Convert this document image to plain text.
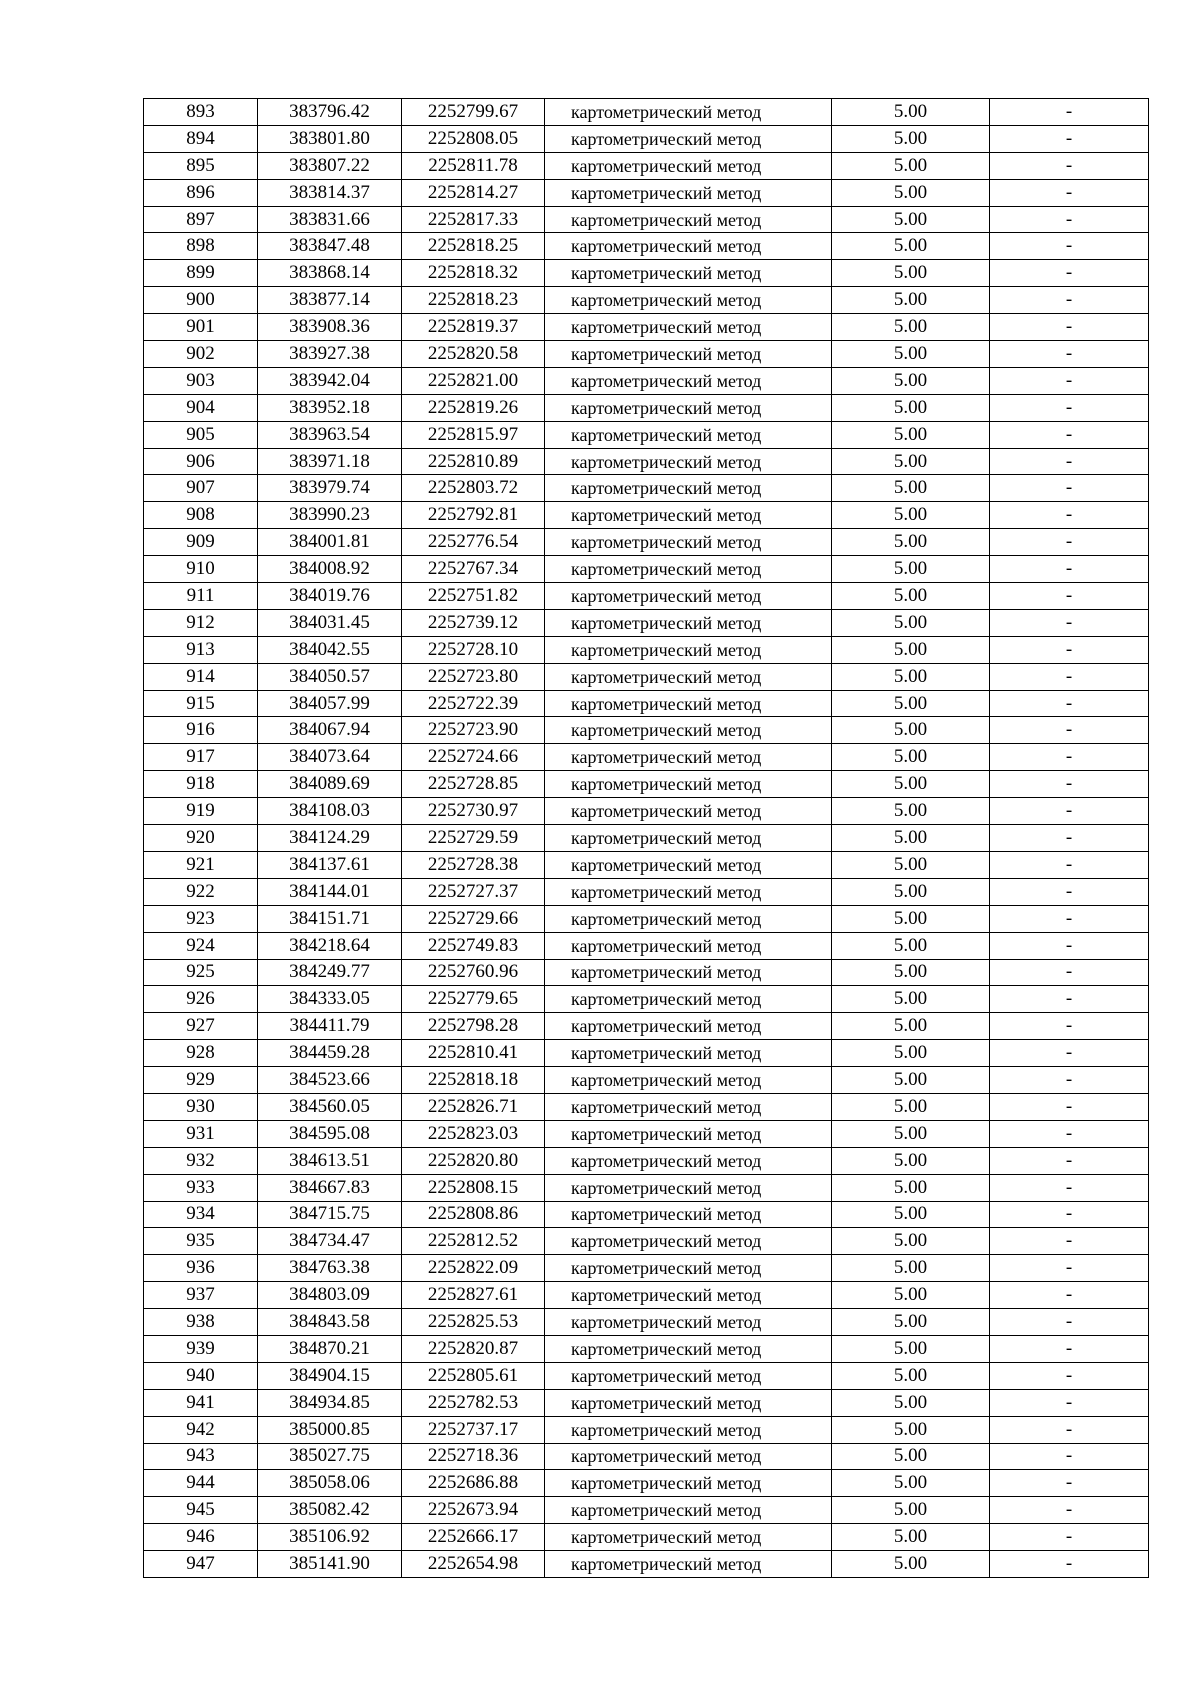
893	383796.42	2252799.67	картометрический метод	5.00	-
894	383801.80	2252808.05	картометрический метод	5.00	-
895	383807.22	2252811.78	картометрический метод	5.00	-
896	383814.37	2252814.27	картометрический метод	5.00	-
897	383831.66	2252817.33	картометрический метод	5.00	-
898	383847.48	2252818.25	картометрический метод	5.00	-
899	383868.14	2252818.32	картометрический метод	5.00	-
900	383877.14	2252818.23	картометрический метод	5.00	-
901	383908.36	2252819.37	картометрический метод	5.00	-
902	383927.38	2252820.58	картометрический метод	5.00	-
903	383942.04	2252821.00	картометрический метод	5.00	-
904	383952.18	2252819.26	картометрический метод	5.00	-
905	383963.54	2252815.97	картометрический метод	5.00	-
906	383971.18	2252810.89	картометрический метод	5.00	-
907	383979.74	2252803.72	картометрический метод	5.00	-
908	383990.23	2252792.81	картометрический метод	5.00	-
909	384001.81	2252776.54	картометрический метод	5.00	-
910	384008.92	2252767.34	картометрический метод	5.00	-
911	384019.76	2252751.82	картометрический метод	5.00	-
912	384031.45	2252739.12	картометрический метод	5.00	-
913	384042.55	2252728.10	картометрический метод	5.00	-
914	384050.57	2252723.80	картометрический метод	5.00	-
915	384057.99	2252722.39	картометрический метод	5.00	-
916	384067.94	2252723.90	картометрический метод	5.00	-
917	384073.64	2252724.66	картометрический метод	5.00	-
918	384089.69	2252728.85	картометрический метод	5.00	-
919	384108.03	2252730.97	картометрический метод	5.00	-
920	384124.29	2252729.59	картометрический метод	5.00	-
921	384137.61	2252728.38	картометрический метод	5.00	-
922	384144.01	2252727.37	картометрический метод	5.00	-
923	384151.71	2252729.66	картометрический метод	5.00	-
924	384218.64	2252749.83	картометрический метод	5.00	-
925	384249.77	2252760.96	картометрический метод	5.00	-
926	384333.05	2252779.65	картометрический метод	5.00	-
927	384411.79	2252798.28	картометрический метод	5.00	-
928	384459.28	2252810.41	картометрический метод	5.00	-
929	384523.66	2252818.18	картометрический метод	5.00	-
930	384560.05	2252826.71	картометрический метод	5.00	-
931	384595.08	2252823.03	картометрический метод	5.00	-
932	384613.51	2252820.80	картометрический метод	5.00	-
933	384667.83	2252808.15	картометрический метод	5.00	-
934	384715.75	2252808.86	картометрический метод	5.00	-
935	384734.47	2252812.52	картометрический метод	5.00	-
936	384763.38	2252822.09	картометрический метод	5.00	-
937	384803.09	2252827.61	картометрический метод	5.00	-
938	384843.58	2252825.53	картометрический метод	5.00	-
939	384870.21	2252820.87	картометрический метод	5.00	-
940	384904.15	2252805.61	картометрический метод	5.00	-
941	384934.85	2252782.53	картометрический метод	5.00	-
942	385000.85	2252737.17	картометрический метод	5.00	-
943	385027.75	2252718.36	картометрический метод	5.00	-
944	385058.06	2252686.88	картометрический метод	5.00	-
945	385082.42	2252673.94	картометрический метод	5.00	-
946	385106.92	2252666.17	картометрический метод	5.00	-
947	385141.90	2252654.98	картометрический метод	5.00	-
